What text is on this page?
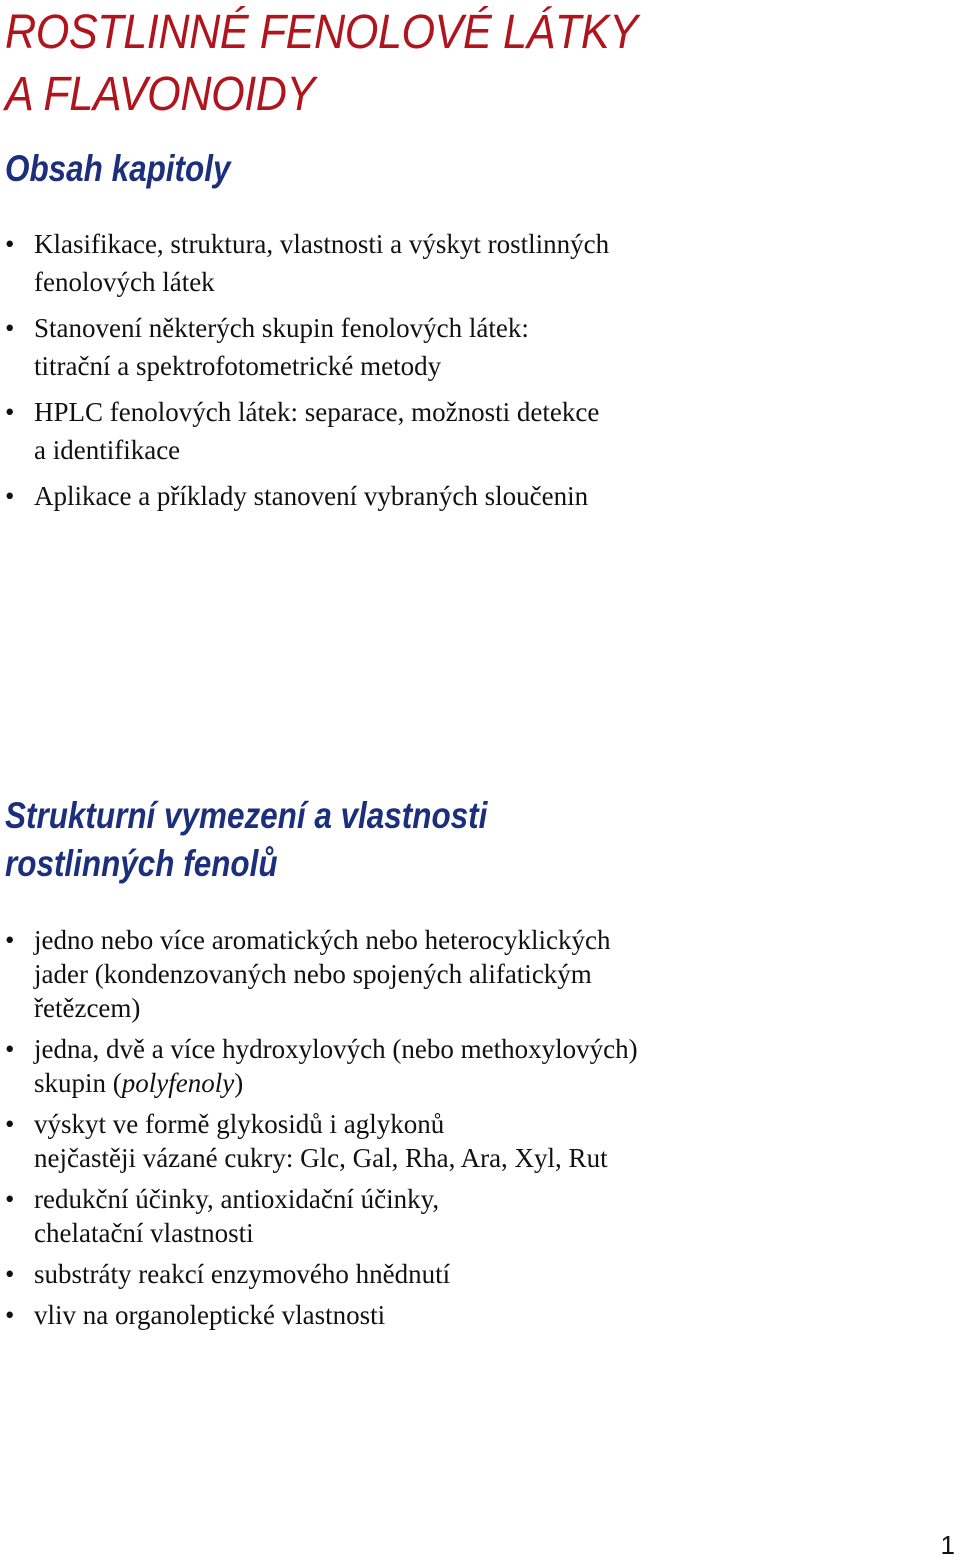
ROSTLINNÉ FENOLOVÉ LÁTKY
A FLAVONOIDY
Obsah kapitoly
• Klasifikace, struktura, vlastnosti a výskyt rostlinných
fenolových látek
• Stanovení některých skupin fenolových látek:
titrační a spektrofotometrické metody
• HPLC fenolových látek: separace, možnosti detekce
a identifikace
• Aplikace a příklady stanovení vybraných sloučenin
Strukturní vymezení a vlastnosti
rostlinných fenolů
• jedno nebo více aromatických nebo heterocyklických
jader (kondenzovaných nebo spojených alifatickým
řetězcem)
• jedna, dvě a více hydroxylových (nebo methoxylových)
skupin (polyfenoly)
• výskyt ve formě glykosidů i aglykonů
nejčastěji vázané cukry: Glc, Gal, Rha, Ara, Xyl, Rut
• redukční účinky, antioxidační účinky,
chelatační vlastnosti
• substráty reakcí enzymového hnědnutí
• vliv na organoleptické vlastnosti
1
